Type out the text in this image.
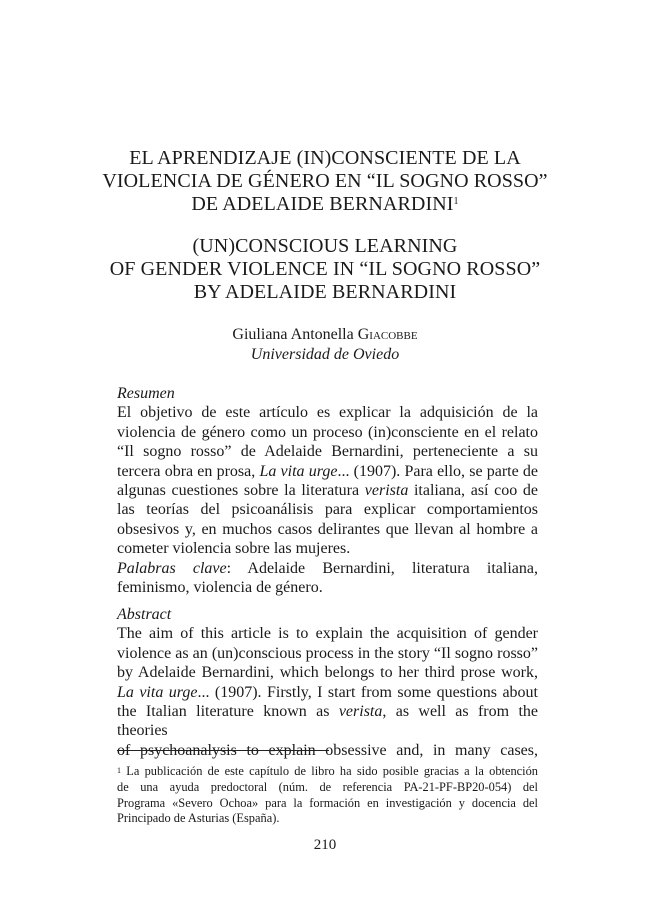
EL APRENDIZAJE (IN)CONSCIENTE DE LA
VIOLENCIA DE GÉNERO EN “IL SOGNO ROSSO”
DE ADELAIDE BERNARDINI$^1$
(UN)CONSCIOUS LEARNING
OF GENDER VIOLENCE IN “IL SOGNO ROSSO”
BY ADELAIDE BERNARDINI
Giuliana Antonella Giacobbe
Universidad de Oviedo
Resumen
El objetivo de este artículo es explicar la adquisición de la
violencia de género como un proceso (in)consciente en el relato
“Il sogno rosso” de Adelaide Bernardini, perteneciente a su
tercera obra en prosa, La vita urge... (1907). Para ello, se parte de
algunas cuestiones sobre la literatura verista italiana, así coo de
las teorías del psicoanálisis para explicar comportamientos
obsesivos y, en muchos casos delirantes que llevan al hombre a
cometer violencia sobre las mujeres.
Palabras clave: Adelaide Bernardini, literatura italiana,
feminismo, violencia de género.
Abstract
The aim of this article is to explain the acquisition of gender
violence as an (un)conscious process in the story “Il sogno rosso”
by Adelaide Bernardini, which belongs to her third prose work,
La vita urge... (1907). Firstly, I start from some questions about
the Italian literature known as verista, as well as from the theories
of psychoanalysis to explain obsessive and, in many cases,
$^1$ La publicación de este capítulo de libro ha sido posible gracias a la obtención
de una ayuda predoctoral (núm. de referencia PA-21-PF-BP20-054) del
Programa «Severo Ochoa» para la formación en investigación y docencia del
Principado de Asturias (España).
210
